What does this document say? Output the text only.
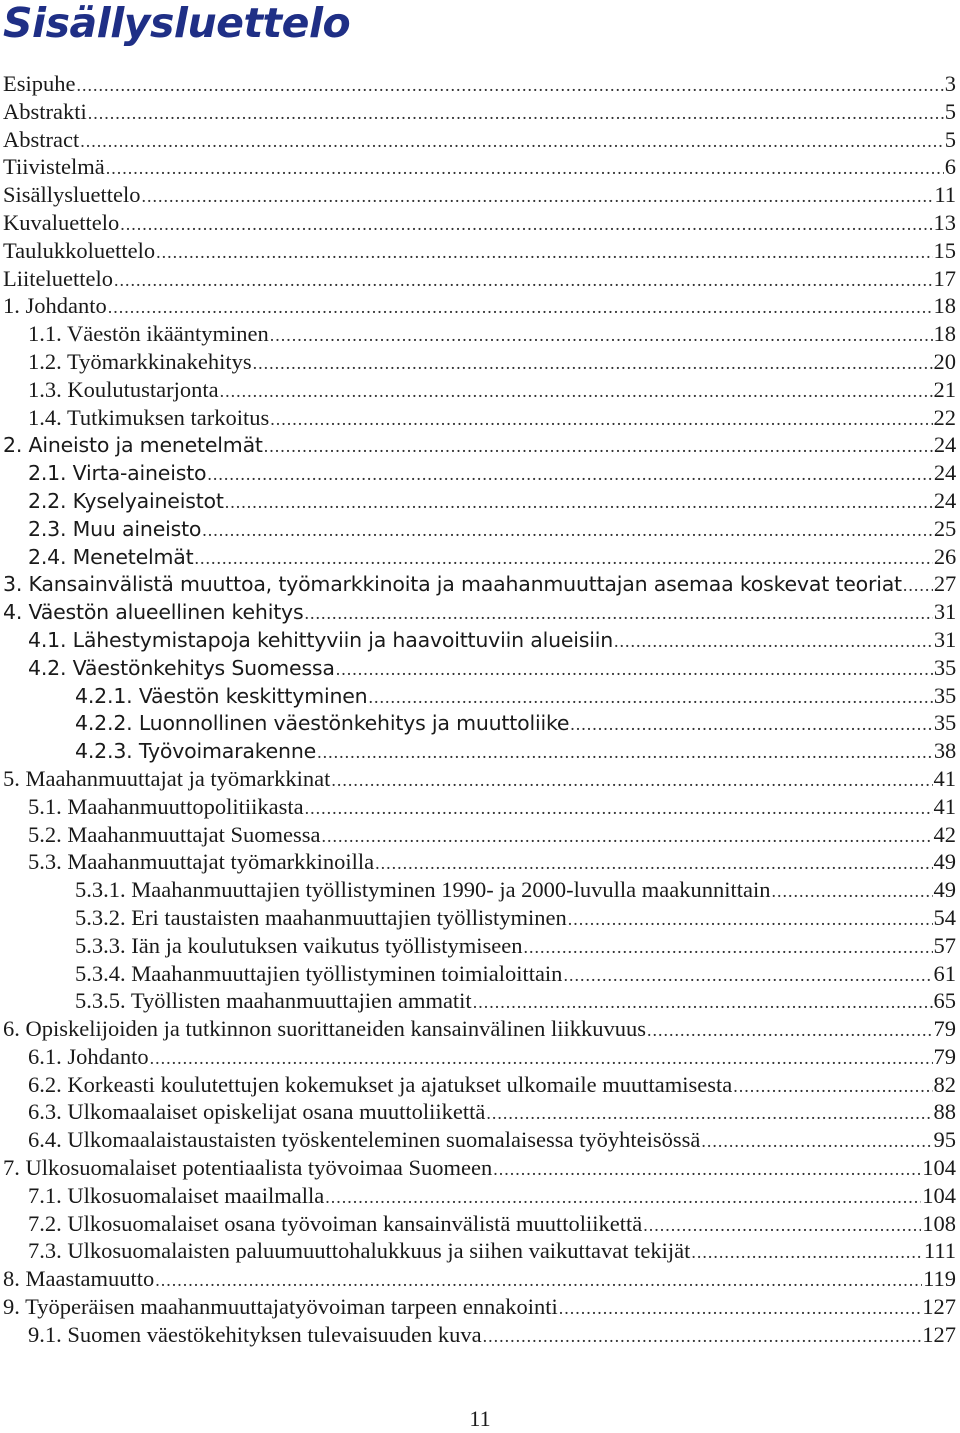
Sisällysluettelo
Esipuhe .....	3
Abstrakti .....	5
Abstract .....	5
Tiivistelmä .....	6
Sisällysluettelo .....	11
Kuvaluettelo .....	13
Taulukkoluettelo .....	15
Liiteluettelo .....	17
1. Johdanto .....	18
1.1. Väestön ikääntyminen .....	18
1.2. Työmarkkinakehitys .....	20
1.3. Koulutustarjonta .....	21
1.4. Tutkimuksen tarkoitus .....	22
2. Aineisto ja menetelmät .....	24
2.1. Virta-aineisto .....	24
2.2. Kyselyaineistot .....	24
2.3. Muu aineisto .....	25
2.4. Menetelmät .....	26
3. Kansainvälistä muuttoa, työmarkkinoita ja maahanmuuttajan asemaa koskevat teoriat ..... 27
4. Väestön alueellinen kehitys .....	31
4.1. Lähestymistapoja kehittyviin ja haavoittuviin alueisiin .....	31
4.2. Väestönkehitys Suomessa .....	35
4.2.1. Väestön keskittyminen .....	35
4.2.2. Luonnollinen väestönkehitys ja muuttoliike .....	35
4.2.3. Työvoimarakenne .....	38
5. Maahanmuuttajat ja työmarkkinat .....	41
5.1. Maahanmuuttopolitiikasta .....	41
5.2. Maahanmuuttajat Suomessa .....	42
5.3. Maahanmuuttajat työmarkkinoilla .....	49
5.3.1. Maahanmuuttajien työllistyminen 1990- ja 2000-luvulla maakunnittain .....	49
5.3.2. Eri taustaisten maahanmuuttajien työllistyminen .....	54
5.3.3. Iän ja koulutuksen vaikutus työllistymiseen .....	57
5.3.4. Maahanmuuttajien työllistyminen toimialoittain .....	61
5.3.5. Työllisten maahanmuuttajien ammatit .....	65
6. Opiskelijoiden ja tutkinnon suorittaneiden kansainvälinen liikkuvuus .....	79
6.1. Johdanto .....	79
6.2. Korkeasti koulutettujen kokemukset ja ajatukset ulkomaile muuttamisesta .....	82
6.3. Ulkomaalaiset opiskelijat osana muuttoliikettä .....	88
6.4. Ulkomaalaistaustaisten työskenteleminen suomalaisessa työyhteisössä .....	95
7. Ulkosuomalaiset potentiaalista työvoimaa Suomeen .....	104
7.1. Ulkosuomalaiset maailmalla .....	104
7.2. Ulkosuomalaiset osana työvoiman kansainvälistä muuttoliikettä .....	108
7.3. Ulkosuomalaisten paluumuuttohalukkuus ja siihen vaikuttavat tekijät .....	111
8. Maastamuutto .....	119
9. Työperäisen maahanmuuttajatyövoiman tarpeen ennakointi .....	127
9.1. Suomen väestökehityksen tulevaisuuden kuva .....	127
11
